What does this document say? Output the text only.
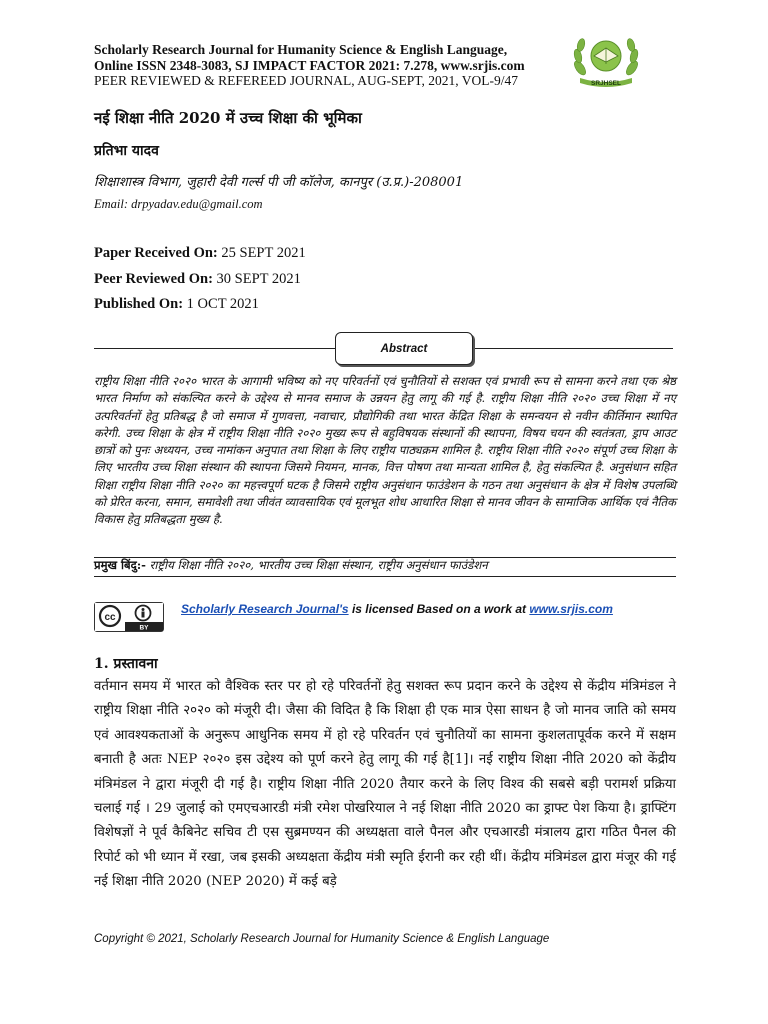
Scholarly Research Journal for Humanity Science & English Language,
Online ISSN 2348-3083, SJ IMPACT FACTOR 2021: 7.278, www.srjis.com
PEER REVIEWED & REFEREED JOURNAL, AUG-SEPT, 2021, VOL-9/47	SRJHSEL
नई शिक्षा नीति 2020 में उच्च शिक्षा की भूमिका
प्रतिभा यादव
शिक्षाशास्त्र विभाग, जुहारी देवी गर्ल्स पी जी कॉलेज, कानपुर (उ.प्र.)-208001
Email: drpyadav.edu@gmail.com
Paper Received On: 25 SEPT 2021
Peer Reviewed On: 30 SEPT 2021
Published On: 1 OCT 2021
Abstract
राष्ट्रीय शिक्षा नीति २०२० भारत के आगामी भविष्य को नए परिवर्तनों एवं चुनौतियों से सशक्त एवं प्रभावी रूप से सामना करने तथा एक श्रेष्ठ भारत निर्माण को संकल्पित करने के उद्देश्य से मानव समाज के उन्नयन हेतु लागू की गई है. राष्ट्रीय शिक्षा नीति २०२० उच्च शिक्षा में नए उत्परिवर्तनों हेतु प्रतिबद्ध है जो समाज में गुणवत्ता, नवाचार, प्रौद्योगिकी तथा भारत केंद्रित शिक्षा के समन्वयन से नवीन कीर्तिमान स्थापित करेगी. उच्च शिक्षा के क्षेत्र में राष्ट्रीय शिक्षा नीति २०२० मुख्य रूप से बहुविषयक संस्थानों की स्थापना, विषय चयन की स्वतंत्रता, ड्राप आउट छात्रों को पुनः अध्ययन, उच्च नामांकन अनुपात तथा शिक्षा के लिए राष्ट्रीय पाठ्यक्रम शामिल है. राष्ट्रीय शिक्षा नीति २०२० संपूर्ण उच्च शिक्षा के लिए भारतीय उच्च शिक्षा संस्थान की स्थापना जिसमे नियमन, मानक, वित्त पोषण तथा मान्यता शामिल है, हेतु संकल्पित है. अनुसंधान सहित शिक्षा राष्ट्रीय शिक्षा नीति २०२० का महत्त्वपूर्ण घटक है जिसमे राष्ट्रीय अनुसंधान फाउंडेशन के गठन तथा अनुसंधान के क्षेत्र में विशेष उपलब्धि को प्रेरित करना, समान, समावेशी तथा जीवंत व्यावसायिक एवं मूलभूत शोध आधारित शिक्षा से मानव जीवन के सामाजिक आर्थिक एवं नैतिक विकास हेतु प्रतिबद्धता मुख्य है.
प्रमुख बिंदु:- राष्ट्रीय शिक्षा नीति २०२०, भारतीय उच्च शिक्षा संस्थान, राष्ट्रीय अनुसंधान फाउंडेशन
cc
BY
Scholarly Research Journal's is licensed Based on a work at www.srjis.com
1. प्रस्तावना
वर्तमान समय में भारत को वैश्विक स्तर पर हो रहे परिवर्तनों हेतु सशक्त रूप प्रदान करने के उद्देश्य से केंद्रीय मंत्रिमंडल ने राष्ट्रीय शिक्षा नीति २०२० को मंजूरी दी। जैसा की विदित है कि शिक्षा ही एक मात्र ऐसा साधन है जो मानव जाति को समय एवं आवश्यकताओं के अनुरूप आधुनिक समय में हो रहे परिवर्तन एवं चुनौतियों का सामना कुशलतापूर्वक करने में सक्षम बनाती है अतः NEP २०२० इस उद्देश्य को पूर्ण करने हेतु लागू की गई है[1]। नई राष्ट्रीय शिक्षा नीति 2020 को केंद्रीय मंत्रिमंडल ने द्वारा मंजूरी दी गई है। राष्ट्रीय शिक्षा नीति 2020 तैयार करने के लिए विश्व की सबसे बड़ी परामर्श प्रक्रिया चलाई गई । 29 जुलाई को एमएचआरडी मंत्री रमेश पोखरियाल ने नई शिक्षा नीति 2020 का ड्राफ्ट पेश किया है। ड्राफ्टिंग विशेषज्ञों ने पूर्व कैबिनेट सचिव टी एस सुब्रमण्यन की अध्यक्षता वाले पैनल और एचआरडी मंत्रालय द्वारा गठित पैनल की रिपोर्ट को भी ध्यान में रखा, जब इसकी अध्यक्षता केंद्रीय मंत्री स्मृति ईरानी कर रही थीं। केंद्रीय मंत्रिमंडल द्वारा मंजूर की गई नई शिक्षा नीति 2020 (NEP 2020) में कई बड़े
Copyright © 2021, Scholarly Research Journal for Humanity Science & English Language
